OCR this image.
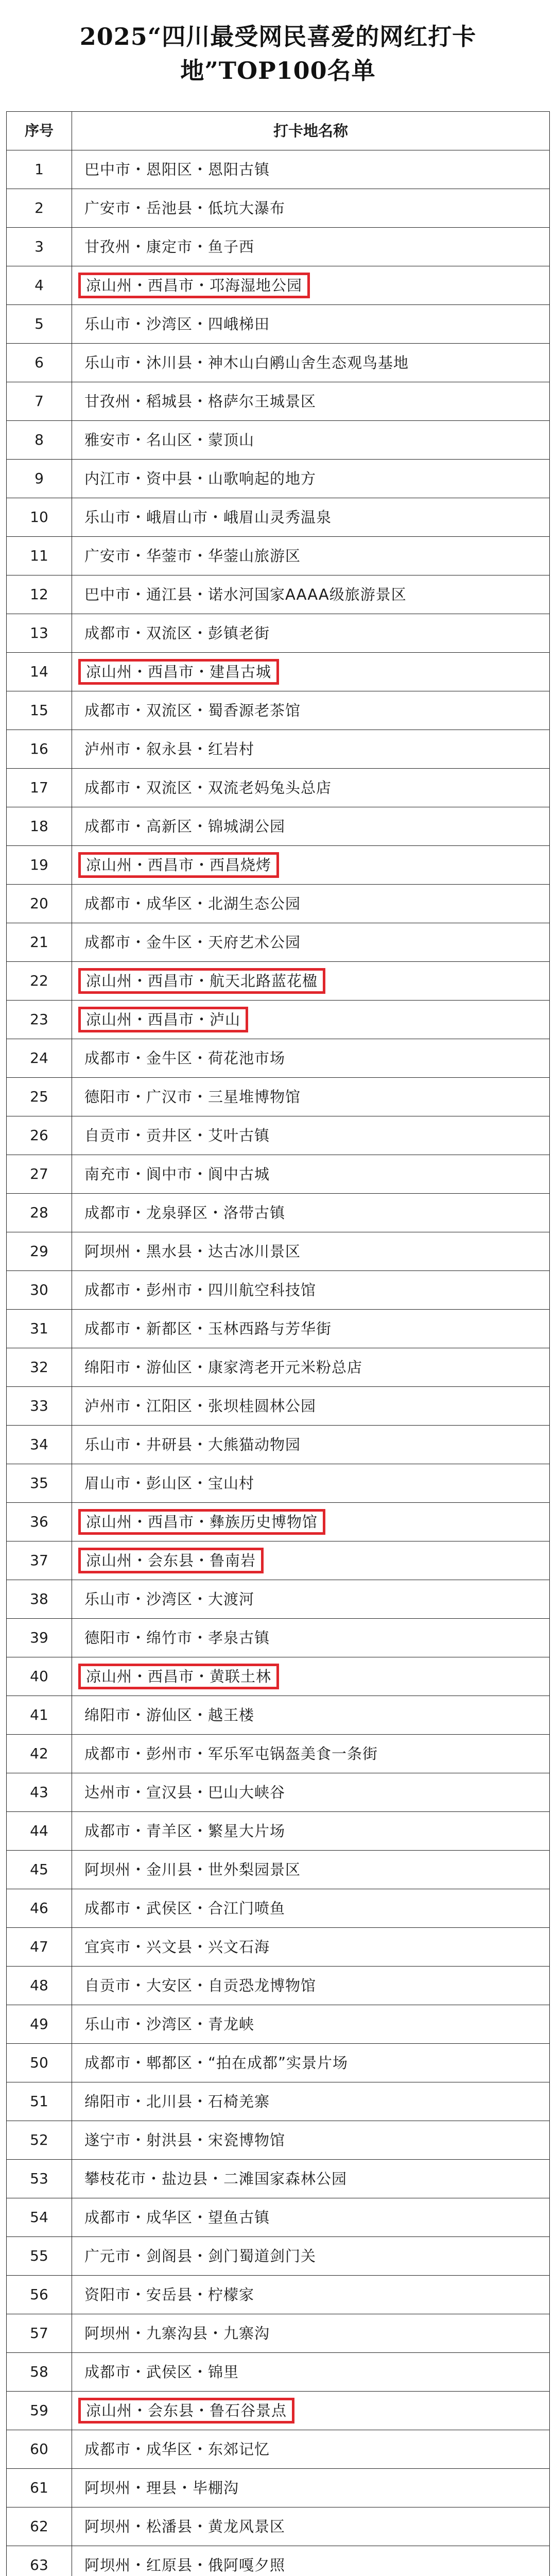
2025“四川最受网民喜爱的网红打卡
地”TOP100名单
序号	打卡地名称
1	巴中市・恩阳区・恩阳古镇
2	广安市・岳池县・低坑大瀑布
3	甘孜州・康定市・鱼子西
4	凉山州・西昌市・邛海湿地公园
5	乐山市・沙湾区・四峨梯田
6	乐山市・沐川县・神木山白鹇山舍生态观鸟基地
7	甘孜州・稻城县・格萨尔王城景区
8	雅安市・名山区・蒙顶山
9	内江市・资中县・山歌响起的地方
10	乐山市・峨眉山市・峨眉山灵秀温泉
11	广安市・华蓥市・华蓥山旅游区
12	巴中市・通江县・诺水河国家AAAA级旅游景区
13	成都市・双流区・彭镇老街
14	凉山州・西昌市・建昌古城
15	成都市・双流区・蜀香源老茶馆
16	泸州市・叙永县・红岩村
17	成都市・双流区・双流老妈兔头总店
18	成都市・高新区・锦城湖公园
19	凉山州・西昌市・西昌烧烤
20	成都市・成华区・北湖生态公园
21	成都市・金牛区・天府艺术公园
22	凉山州・西昌市・航天北路蓝花楹
23	凉山州・西昌市・泸山
24	成都市・金牛区・荷花池市场
25	德阳市・广汉市・三星堆博物馆
26	自贡市・贡井区・艾叶古镇
27	南充市・阆中市・阆中古城
28	成都市・龙泉驿区・洛带古镇
29	阿坝州・黑水县・达古冰川景区
30	成都市・彭州市・四川航空科技馆
31	成都市・新都区・玉林西路与芳华街
32	绵阳市・游仙区・康家湾老开元米粉总店
33	泸州市・江阳区・张坝桂圆林公园
34	乐山市・井研县・大熊猫动物园
35	眉山市・彭山区・宝山村
36	凉山州・西昌市・彝族历史博物馆
37	凉山州・会东县・鲁南岩
38	乐山市・沙湾区・大渡河
39	德阳市・绵竹市・孝泉古镇
40	凉山州・西昌市・黄联土林
41	绵阳市・游仙区・越王楼
42	成都市・彭州市・军乐军屯锅盔美食一条街
43	达州市・宣汉县・巴山大峡谷
44	成都市・青羊区・繁星大片场
45	阿坝州・金川县・世外梨园景区
46	成都市・武侯区・合江门喷鱼
47	宜宾市・兴文县・兴文石海
48	自贡市・大安区・自贡恐龙博物馆
49	乐山市・沙湾区・青龙峡
50	成都市・郫都区・“拍在成都”实景片场
51	绵阳市・北川县・石椅羌寨
52	遂宁市・射洪县・宋瓷博物馆
53	攀枝花市・盐边县・二滩国家森林公园
54	成都市・成华区・望鱼古镇
55	广元市・剑阁县・剑门蜀道剑门关
56	资阳市・安岳县・柠檬家
57	阿坝州・九寨沟县・九寨沟
58	成都市・武侯区・锦里
59	凉山州・会东县・鲁石谷景点
60	成都市・成华区・东郊记忆
61	阿坝州・理县・毕棚沟
62	阿坝州・松潘县・黄龙风景区
63	阿坝州・红原县・俄阿嘎夕照
